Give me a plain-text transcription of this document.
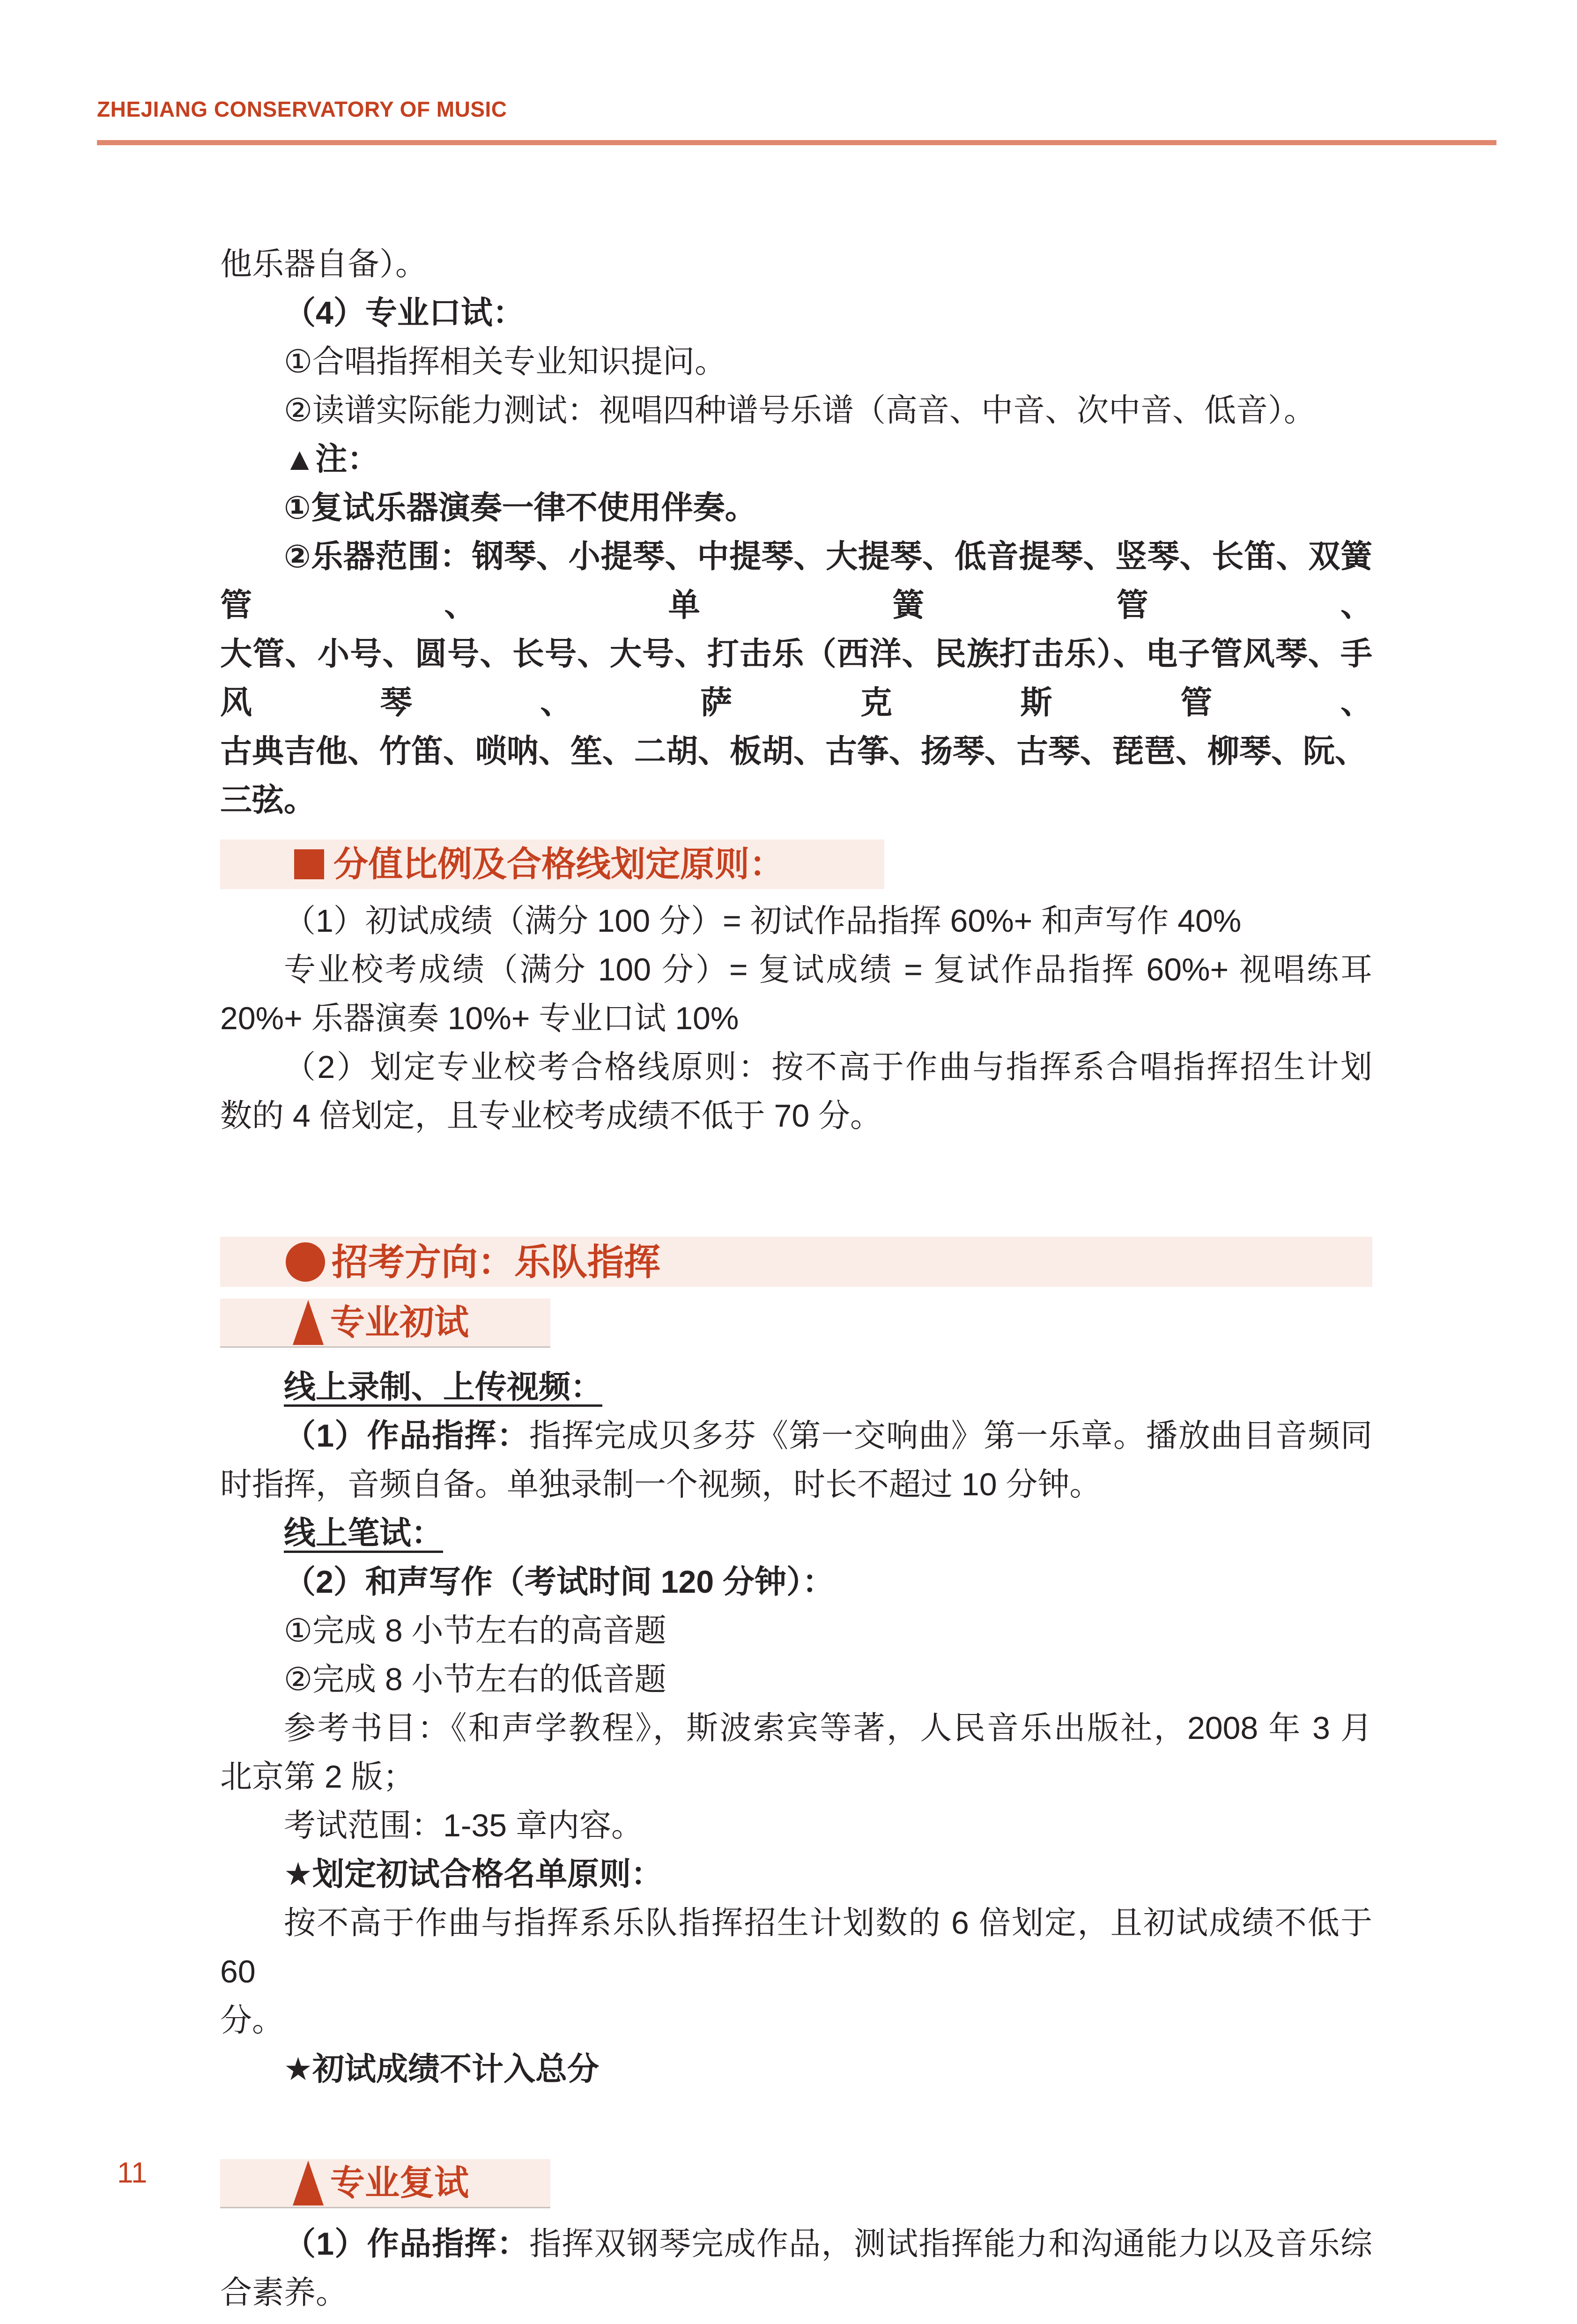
ZHEJIANG CONSERVATORY OF MUSIC

他乐器自备）。

（4）专业口试：

①合唱指挥相关专业知识提问。

②读谱实际能力测试：视唱四种谱号乐谱（高音、中音、次中音、低音）。

▲注：

①复试乐器演奏一律不使用伴奏。

②乐器范围：钢琴、小提琴、中提琴、大提琴、低音提琴、竖琴、长笛、双簧管、单簧管、

大管、小号、圆号、长号、大号、打击乐（西洋、民族打击乐）、电子管风琴、手风琴、萨克斯管、

古典吉他、竹笛、唢呐、笙、二胡、板胡、古筝、扬琴、古琴、琵琶、柳琴、阮、三弦。

分值比例及合格线划定原则：

（1）初试成绩（满分 100 分）= 初试作品指挥 60%+ 和声写作 40%

专业校考成绩（满分 100 分）= 复试成绩 = 复试作品指挥 60%+ 视唱练耳

20%+ 乐器演奏 10%+ 专业口试 10%

（2）划定专业校考合格线原则：按不高于作曲与指挥系合唱指挥招生计划

数的 4 倍划定，且专业校考成绩不低于 70 分。

招考方向：乐队指挥
专业初试

线上录制、上传视频：

（1）作品指挥：指挥完成贝多芬《第一交响曲》第一乐章。播放曲目音频同

时指挥，音频自备。单独录制一个视频，时长不超过 10 分钟。

线上笔试：

（2）和声写作（考试时间 120 分钟）：

①完成 8 小节左右的高音题

②完成 8 小节左右的低音题

参考书目：《和声学教程》，斯波索宾等著，人民音乐出版社，2008 年 3 月

北京第 2 版；

考试范围：1-35 章内容。

★划定初试合格名单原则：

按不高于作曲与指挥系乐队指挥招生计划数的 6 倍划定，且初试成绩不低于 60

分。

★初试成绩不计入总分

专业复试

（1）作品指挥：指挥双钢琴完成作品，测试指挥能力和沟通能力以及音乐综

合素养。

11
